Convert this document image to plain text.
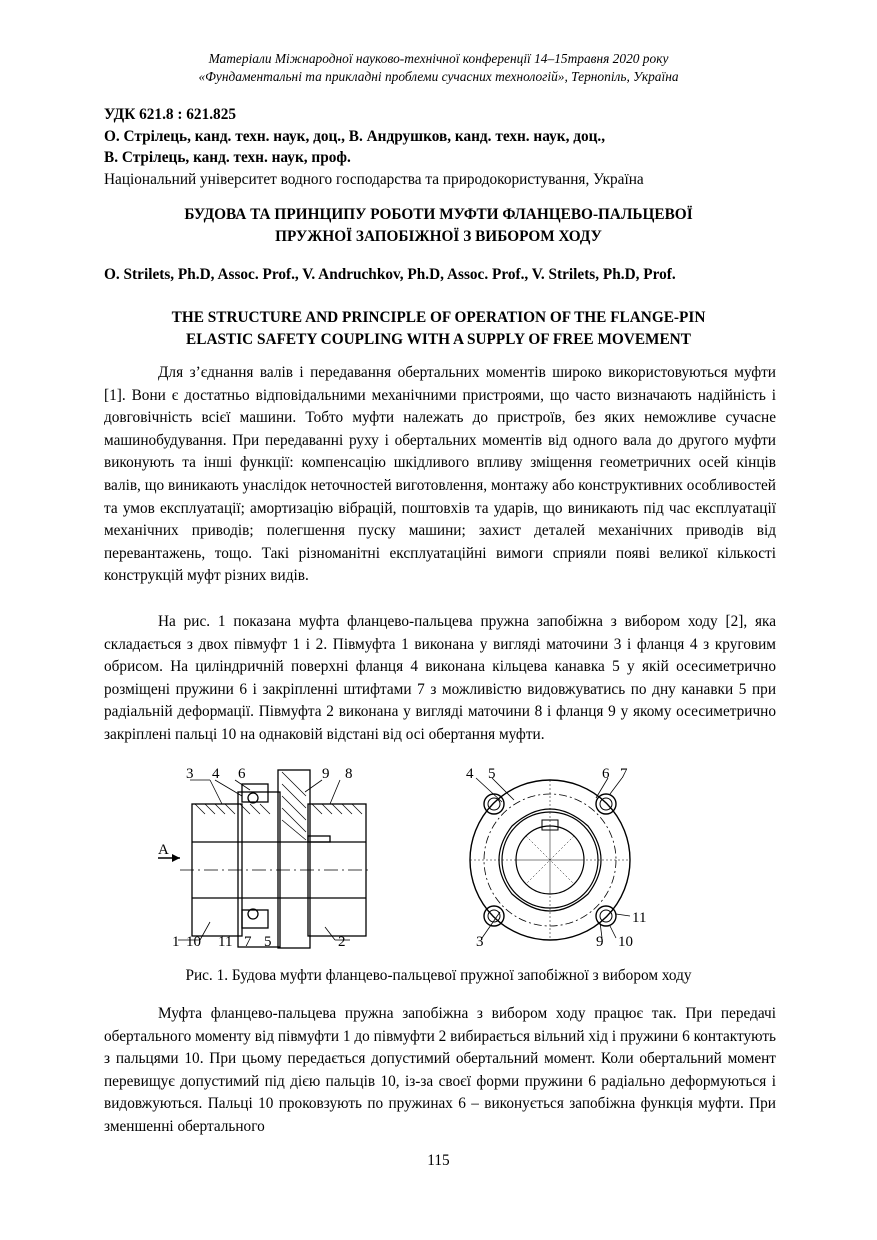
Матеріали Міжнародної науково-технічної конференції 14–15травня 2020 року
«Фундаментальні та прикладні проблеми сучасних технологій», Тернопіль, Україна
УДК 621.8 : 621.825
О. Стрілець, канд. техн. наук, доц., В. Андрушков, канд. техн. наук, доц.,
В. Стрілець, канд. техн. наук, проф.
Національний університет водного господарства та природокористування, Україна
БУДОВА ТА ПРИНЦИПУ РОБОТИ МУФТИ ФЛАНЦЕВО-ПАЛЬЦЕВОЇ
ПРУЖНОЇ ЗАПОБІЖНОЇ З ВИБОРОМ ХОДУ
O. Strilets, Ph.D, Assoc. Prof., V. Andruchkov, Ph.D, Assoc. Prof., V. Strilets, Ph.D, Prof.
THE STRUCTURE AND PRINCIPLE OF OPERATION OF THE FLANGE-PIN
ELASTIC SAFETY COUPLING WITH A SUPPLY OF FREE MOVEMENT

Для з’єднання валів і передавання обертальних моментів широко використовуються муфти [1]. Вони є достатньо відповідальними механічними пристроями, що часто визначають надійність і довговічність всієї машини. Тобто муфти належать до пристроїв, без яких неможливе сучасне машинобудування. При передаванні руху і обертальних моментів від одного вала до другого муфти виконують та інші функції: компенсацію шкідливого впливу зміщення геометричних осей кінців валів, що виникають унаслідок неточностей виготовлення, монтажу або конструктивних особливостей та умов експлуатації; амортизацію вібрацій, поштовхів та ударів, що виникають під час експлуатації механічних приводів; полегшення пуску машини; захист деталей механічних приводів від перевантажень, тощо. Такі різноманітні експлуатаційні вимоги сприяли появі великої кількості конструкцій муфт різних видів.

На рис. 1 показана муфта фланцево-пальцева пружна запобіжна з вибором ходу [2], яка складається з двох півмуфт 1 і 2. Півмуфта 1 виконана у вигляді маточини 3 і фланця 4 з круговим обрисом. На циліндричній поверхні фланця 4 виконана кільцева канавка 5 у якій осесиметрично розміщені пружини 6 і закріпленні штифтами 7 з можливістю видовжуватись по дну канавки 5 при радіальній деформації. Півмуфта 2 виконана у вигляді маточини 8 і фланця 9 у якому осесиметрично закріплені пальці 10 на однаковій відстані від осі обертання муфти.

A
3 4 6	9 8
1 10 11 7 5	2
4 5	6 7
3	9 10
11
Рис. 1. Будова муфти фланцево-пальцевої пружної запобіжної з вибором ходу

Муфта фланцево-пальцева пружна запобіжна з вибором ходу працює так. При передачі обертального моменту від півмуфти 1 до півмуфти 2 вибирається вільний хід і пружини 6 контактують з пальцями 10. При цьому передається допустимий обертальний момент. Коли обертальний момент перевищує допустимий під дією пальців 10, із-за своєї форми пружини 6 радіально деформуються і видовжуються. Пальці 10 проковзують по пружинах 6 – виконується запобіжна функція муфти. При зменшенні обертального

115
